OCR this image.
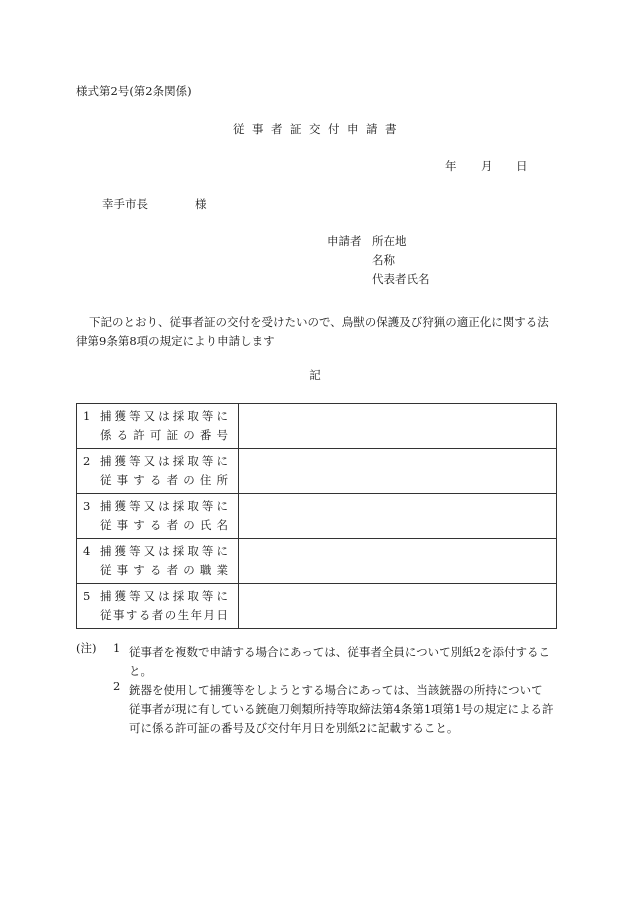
様式第2号(第2条関係)
従事者証交付申請書
年 月 日
幸手市長	様
申請者 所在地
名称
代表者氏名
下記のとおり、従事者証の交付を受けたいので、鳥獣の保護及び狩猟の適正化に関する法律第9条第8項の規定により申請します
記
1 捕獲等又は採取等に
係る許可証の番号	

2 捕獲等又は採取等に
従事する者の住所	

3 捕獲等又は採取等に
従事する者の氏名	

4 捕獲等又は採取等に
従事する者の職業	

5 捕獲等又は採取等に
従事する者の生年月日	

(注) 1 従事者を複数で申請する場合にあっては、従事者全員について別紙2を添付すること。
2 銃器を使用して捕獲等をしようとする場合にあっては、当該銃器の所持について従事者が現に有している銃砲刀剣類所持等取締法第4条第1項第1号の規定による許可に係る許可証の番号及び交付年月日を別紙2に記載すること。
